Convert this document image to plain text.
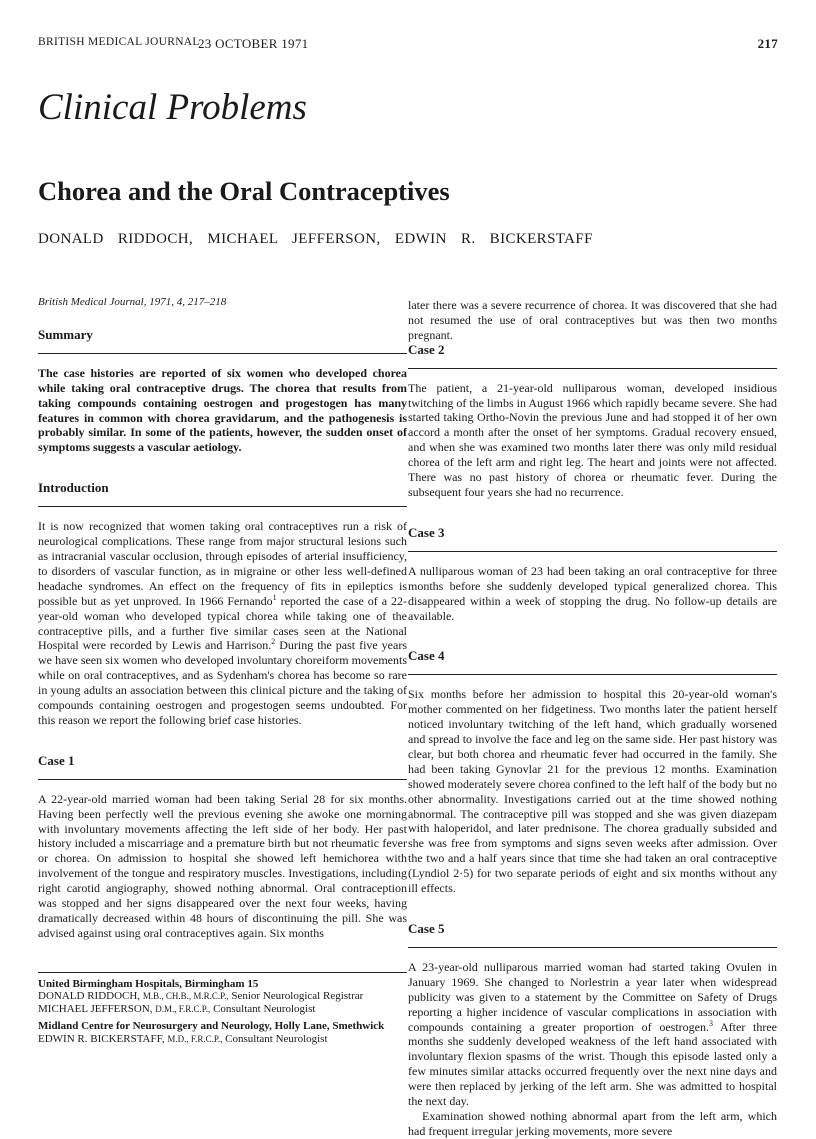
BRITISH MEDICAL JOURNAL
23 OCTOBER 1971	217
Clinical Problems
Chorea and the Oral Contraceptives
DONALD RIDDOCH, MICHAEL JEFFERSON, EDWIN R. BICKERSTAFF

British Medical Journal, 1971, 4, 217–218

Summary

The case histories are reported of six women who developed chorea while taking oral contraceptive drugs. The chorea that results from taking compounds containing oestrogen and progestogen has many features in common with chorea gravidarum, and the pathogenesis is probably similar. In some of the patients, however, the sudden onset of symptoms suggests a vascular aetiology.

Introduction

It is now recognized that women taking oral contraceptives run a risk of neurological complications. These range from major structural lesions such as intracranial vascular occlusion, through episodes of arterial insufficiency, to disorders of vascular function, as in migraine or other less well-defined headache syndromes. An effect on the frequency of fits in epileptics is possible but as yet unproved. In 1966 Fernando$^1$ reported the case of a 22-year-old woman who developed typical chorea while taking one of the contraceptive pills, and a further five similar cases seen at the National Hospital were recorded by Lewis and Harrison.$^2$ During the past five years we have seen six women who developed involuntary choreiform movements while on oral contraceptives, and as Sydenham's chorea has become so rare in young adults an association between this clinical picture and the taking of compounds containing oestrogen and progestogen seems undoubted. For this reason we report the following brief case histories.

Case 1

A 22-year-old married woman had been taking Serial 28 for six months. Having been perfectly well the previous evening she awoke one morning with involuntary movements affecting the left side of her body. Her past history included a miscarriage and a premature birth but not rheumatic fever or chorea. On admission to hospital she showed left hemichorea with involvement of the tongue and respiratory muscles. Investigations, including right carotid angiography, showed nothing abnormal. Oral contraception was stopped and her signs disappeared over the next four weeks, having dramatically decreased within 48 hours of discontinuing the pill. She was advised against using oral contraceptives again. Six months

United Birmingham Hospitals, Birmingham 15
DONALD RIDDOCH, M.B., CH.B., M.R.C.P., Senior Neurological Registrar
MICHAEL JEFFERSON, D.M., F.R.C.P., Consultant Neurologist
Midland Centre for Neurosurgery and Neurology, Holly Lane, Smethwick
EDWIN R. BICKERSTAFF, M.D., F.R.C.P., Consultant Neurologist

later there was a severe recurrence of chorea. It was discovered that she had not resumed the use of oral contraceptives but was then two months pregnant.

Case 2

The patient, a 21-year-old nulliparous woman, developed insidious twitching of the limbs in August 1966 which rapidly became severe. She had started taking Ortho-Novin the previous June and had stopped it of her own accord a month after the onset of her symptoms. Gradual recovery ensued, and when she was examined two months later there was only mild residual chorea of the left arm and right leg. The heart and joints were not affected. There was no past history of chorea or rheumatic fever. During the subsequent four years she had no recurrence.

Case 3

A nulliparous woman of 23 had been taking an oral contraceptive for three months before she suddenly developed typical generalized chorea. This disappeared within a week of stopping the drug. No follow-up details are available.

Case 4

Six months before her admission to hospital this 20-year-old woman's mother commented on her fidgetiness. Two months later the patient herself noticed involuntary twitching of the left hand, which gradually worsened and spread to involve the face and leg on the same side. Her past history was clear, but both chorea and rheumatic fever had occurred in the family. She had been taking Gynovlar 21 for the previous 12 months. Examination showed moderately severe chorea confined to the left half of the body but no other abnormality. Investigations carried out at the time showed nothing abnormal. The contraceptive pill was stopped and she was given diazepam with haloperidol, and later prednisone. The chorea gradually subsided and she was free from symptoms and signs seven weeks after admission. Over the two and a half years since that time she had taken an oral contraceptive (Lyndiol 2·5) for two separate periods of eight and six months without any ill effects.

Case 5

A 23-year-old nulliparous married woman had started taking Ovulen in January 1969. She changed to Norlestrin a year later when widespread publicity was given to a statement by the Committee on Safety of Drugs reporting a higher incidence of vascular complications in association with compounds containing a greater proportion of oestrogen.$^3$ After three months she suddenly developed weakness of the left hand associated with involuntary flexion spasms of the wrist. Though this episode lasted only a few minutes similar attacks occurred frequently over the next nine days and were then replaced by jerking of the left arm. She was admitted to hospital the next day.

Examination showed nothing abnormal apart from the left arm, which had frequent irregular jerking movements, more severe
